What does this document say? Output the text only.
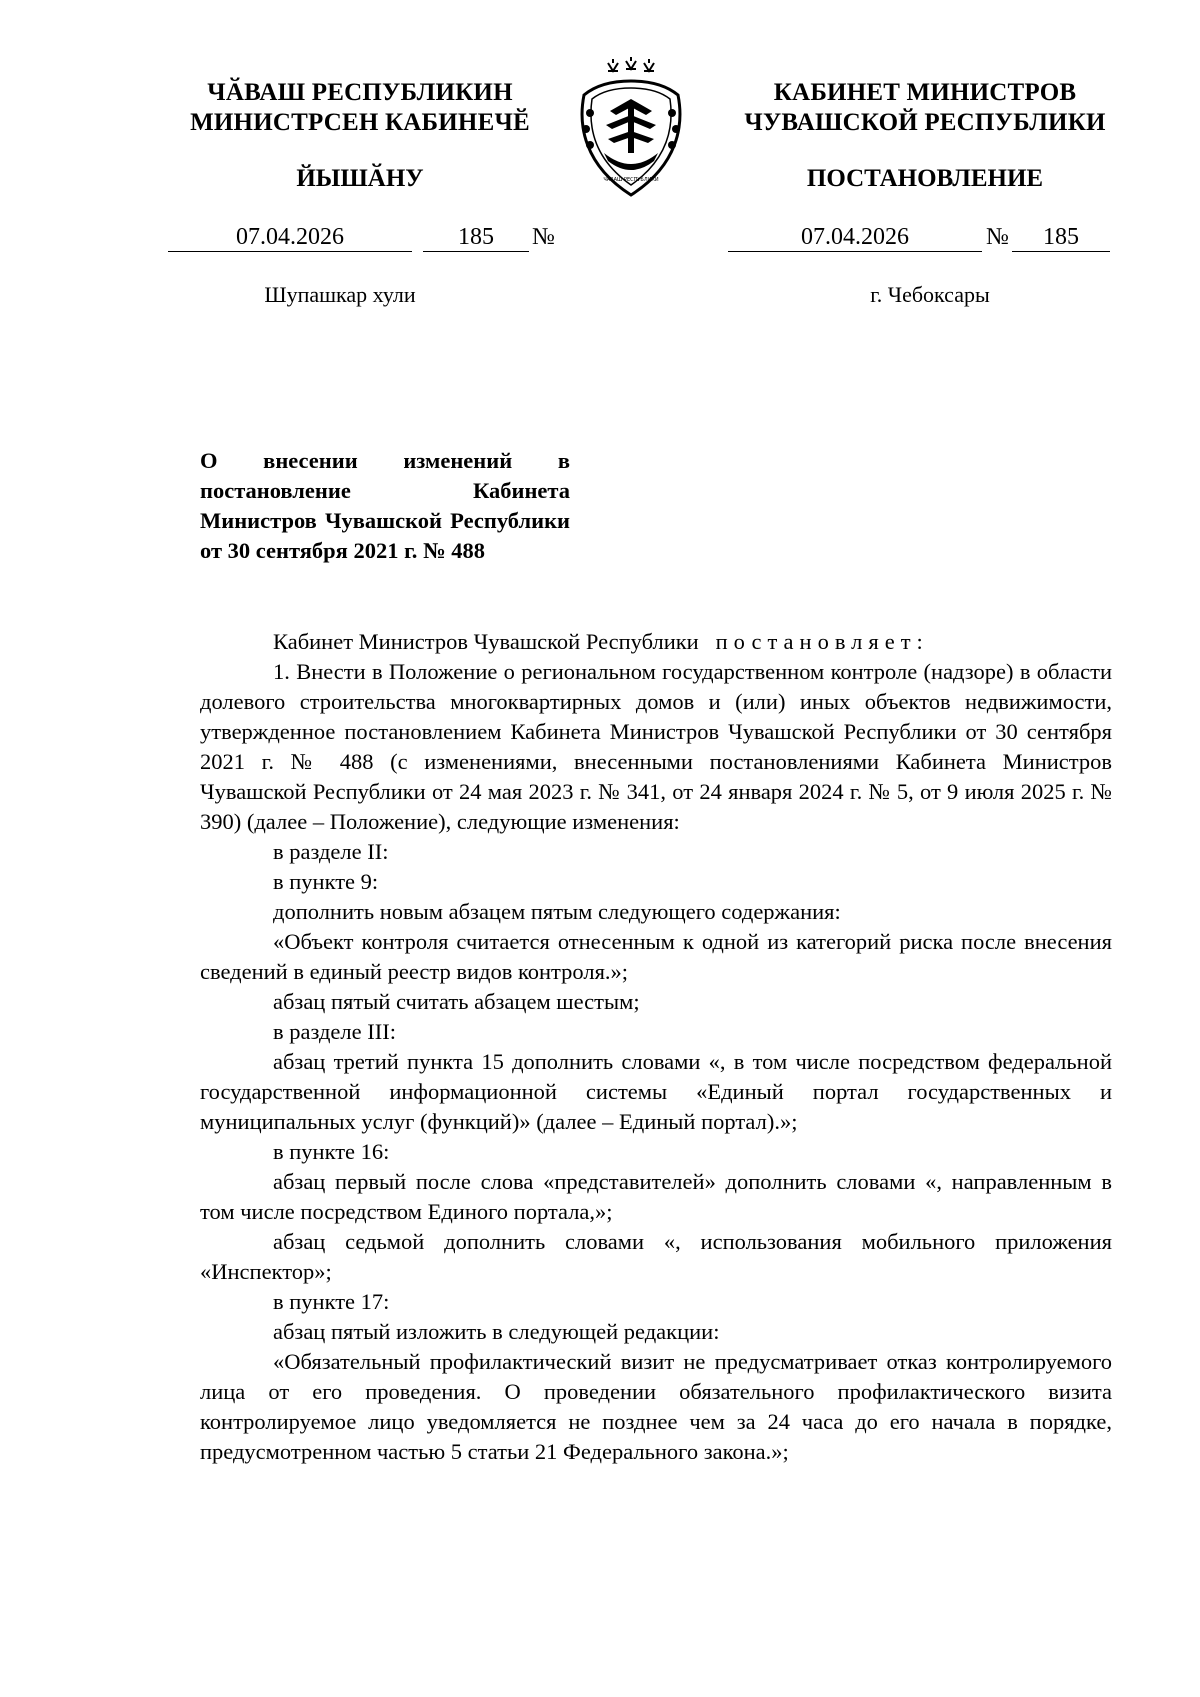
ЧӐВАШ РЕСПУБЛИКИН
МИНИСТРСЕН КАБИНЕЧӖ
ЙЫШӐНУ	ЧӐВАШ РЕСПУБЛИКИ
КАБИНЕТ МИНИСТРОВ
ЧУВАШСКОЙ РЕСПУБЛИКИ
ПОСТАНОВЛЕНИЕ
07.04.2026	185	№	07.04.2026	№	185
Шупашкар хули	г. Чебоксары
О внесении изменений в постановление Кабинета Министров Чувашской Республики от 30 сентября 2021 г. № 488

Кабинет Министров Чувашской Республики постановляет:

1. Внести в Положение о региональном государственном контроле (надзоре) в области долевого строительства многоквартирных домов и (или) иных объектов недвижимости, утвержденное постановлением Кабинета Министров Чувашской Республики от 30 сентября 2021 г. № 488 (с изменениями, внесенными постановлениями Кабинета Министров Чувашской Республики от 24 мая 2023 г. № 341, от 24 января 2024 г. № 5, от 9 июля 2025 г. № 390) (далее – Положение), следующие изменения:

в разделе II:

в пункте 9:

дополнить новым абзацем пятым следующего содержания:

«Объект контроля считается отнесенным к одной из категорий риска после внесения сведений в единый реестр видов контроля.»;

абзац пятый считать абзацем шестым;

в разделе III:

абзац третий пункта 15 дополнить словами «, в том числе посредством федеральной государственной информационной системы «Единый портал государственных и муниципальных услуг (функций)» (далее – Единый портал).»;

в пункте 16:

абзац первый после слова «представителей» дополнить словами «, направленным в том числе посредством Единого портала,»;

абзац седьмой дополнить словами «, использования мобильного приложения «Инспектор»;

в пункте 17:

абзац пятый изложить в следующей редакции:

«Обязательный профилактический визит не предусматривает отказ контролируемого лица от его проведения. О проведении обязательного профилактического визита контролируемое лицо уведомляется не позднее чем за 24 часа до его начала в порядке, предусмотренном частью 5 статьи 21 Федерального закона.»;
